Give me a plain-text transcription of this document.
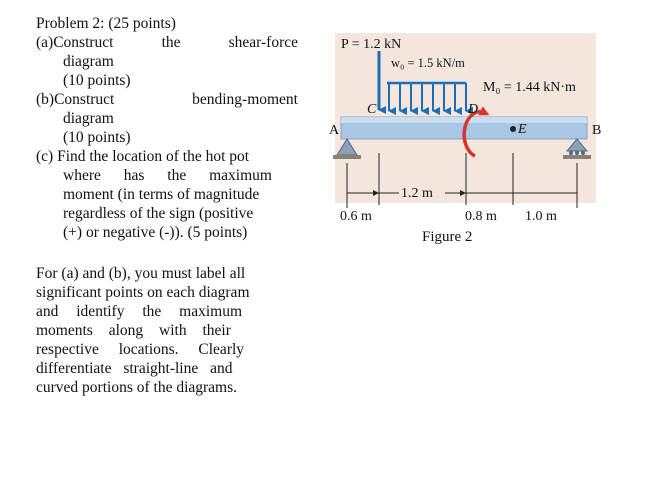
Problem 2: (25 points)

(a)Construct	the	shear-force

diagram

(10 points)

(b)Construct	bending-moment

diagram

(10 points)

(c) Find the location of the hot pot

where has the maximum

moment (in terms of magnitude

regardless of the sign (positive

(+) or negative (-)). (5 points)

For (a) and (b), you must label all

significant points on each diagram

and identify the maximum

moments along with their

respective locations. Clearly

differentiate straight-line and

curved portions of the diagrams.

P = 1.2 kN
w₀ = 1.5 kN/m
M₀ = 1.44 kN·m
C	D
A	B
E
0.6 m
1.2 m
0.8 m 1.0 m
Figure 2
